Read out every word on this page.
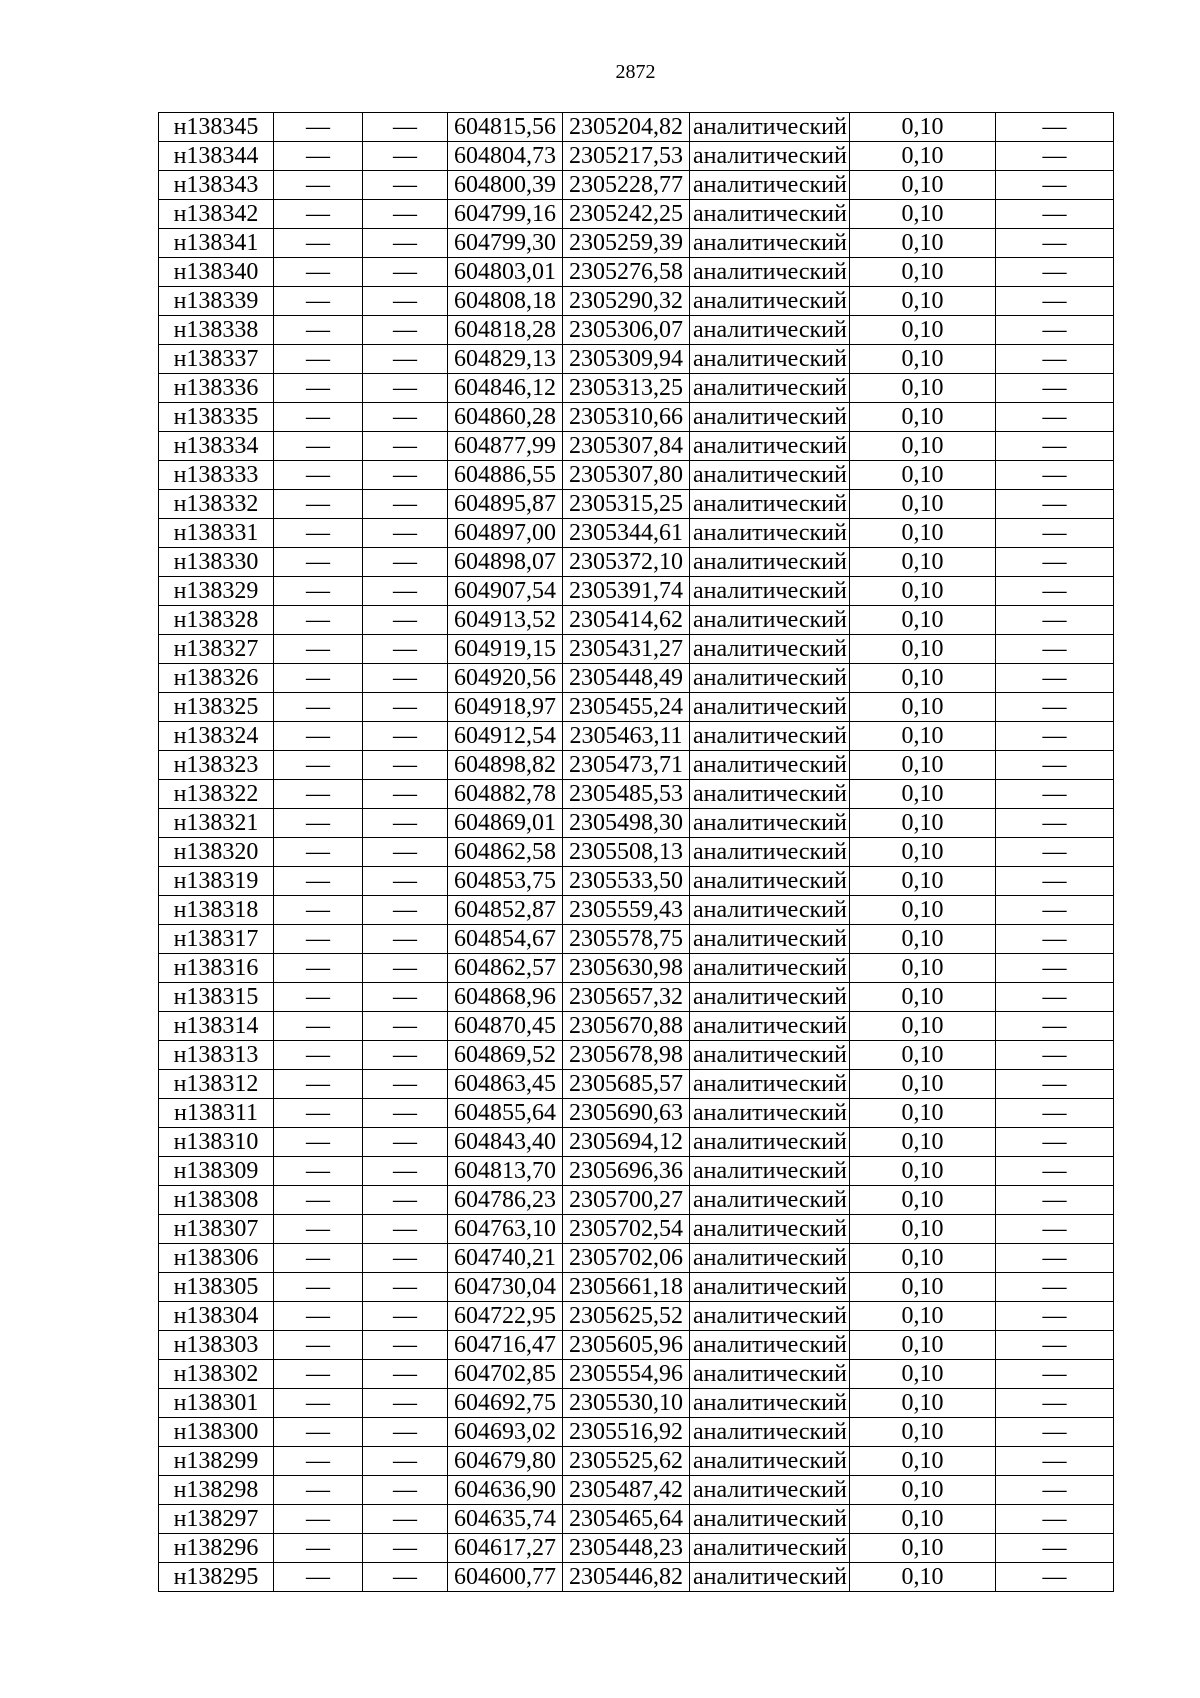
2872
н138345	—	—	604815,56	2305204,82	аналитический	0,10	—
н138344	—	—	604804,73	2305217,53	аналитический	0,10	—
н138343	—	—	604800,39	2305228,77	аналитический	0,10	—
н138342	—	—	604799,16	2305242,25	аналитический	0,10	—
н138341	—	—	604799,30	2305259,39	аналитический	0,10	—
н138340	—	—	604803,01	2305276,58	аналитический	0,10	—
н138339	—	—	604808,18	2305290,32	аналитический	0,10	—
н138338	—	—	604818,28	2305306,07	аналитический	0,10	—
н138337	—	—	604829,13	2305309,94	аналитический	0,10	—
н138336	—	—	604846,12	2305313,25	аналитический	0,10	—
н138335	—	—	604860,28	2305310,66	аналитический	0,10	—
н138334	—	—	604877,99	2305307,84	аналитический	0,10	—
н138333	—	—	604886,55	2305307,80	аналитический	0,10	—
н138332	—	—	604895,87	2305315,25	аналитический	0,10	—
н138331	—	—	604897,00	2305344,61	аналитический	0,10	—
н138330	—	—	604898,07	2305372,10	аналитический	0,10	—
н138329	—	—	604907,54	2305391,74	аналитический	0,10	—
н138328	—	—	604913,52	2305414,62	аналитический	0,10	—
н138327	—	—	604919,15	2305431,27	аналитический	0,10	—
н138326	—	—	604920,56	2305448,49	аналитический	0,10	—
н138325	—	—	604918,97	2305455,24	аналитический	0,10	—
н138324	—	—	604912,54	2305463,11	аналитический	0,10	—
н138323	—	—	604898,82	2305473,71	аналитический	0,10	—
н138322	—	—	604882,78	2305485,53	аналитический	0,10	—
н138321	—	—	604869,01	2305498,30	аналитический	0,10	—
н138320	—	—	604862,58	2305508,13	аналитический	0,10	—
н138319	—	—	604853,75	2305533,50	аналитический	0,10	—
н138318	—	—	604852,87	2305559,43	аналитический	0,10	—
н138317	—	—	604854,67	2305578,75	аналитический	0,10	—
н138316	—	—	604862,57	2305630,98	аналитический	0,10	—
н138315	—	—	604868,96	2305657,32	аналитический	0,10	—
н138314	—	—	604870,45	2305670,88	аналитический	0,10	—
н138313	—	—	604869,52	2305678,98	аналитический	0,10	—
н138312	—	—	604863,45	2305685,57	аналитический	0,10	—
н138311	—	—	604855,64	2305690,63	аналитический	0,10	—
н138310	—	—	604843,40	2305694,12	аналитический	0,10	—
н138309	—	—	604813,70	2305696,36	аналитический	0,10	—
н138308	—	—	604786,23	2305700,27	аналитический	0,10	—
н138307	—	—	604763,10	2305702,54	аналитический	0,10	—
н138306	—	—	604740,21	2305702,06	аналитический	0,10	—
н138305	—	—	604730,04	2305661,18	аналитический	0,10	—
н138304	—	—	604722,95	2305625,52	аналитический	0,10	—
н138303	—	—	604716,47	2305605,96	аналитический	0,10	—
н138302	—	—	604702,85	2305554,96	аналитический	0,10	—
н138301	—	—	604692,75	2305530,10	аналитический	0,10	—
н138300	—	—	604693,02	2305516,92	аналитический	0,10	—
н138299	—	—	604679,80	2305525,62	аналитический	0,10	—
н138298	—	—	604636,90	2305487,42	аналитический	0,10	—
н138297	—	—	604635,74	2305465,64	аналитический	0,10	—
н138296	—	—	604617,27	2305448,23	аналитический	0,10	—
н138295	—	—	604600,77	2305446,82	аналитический	0,10	—
